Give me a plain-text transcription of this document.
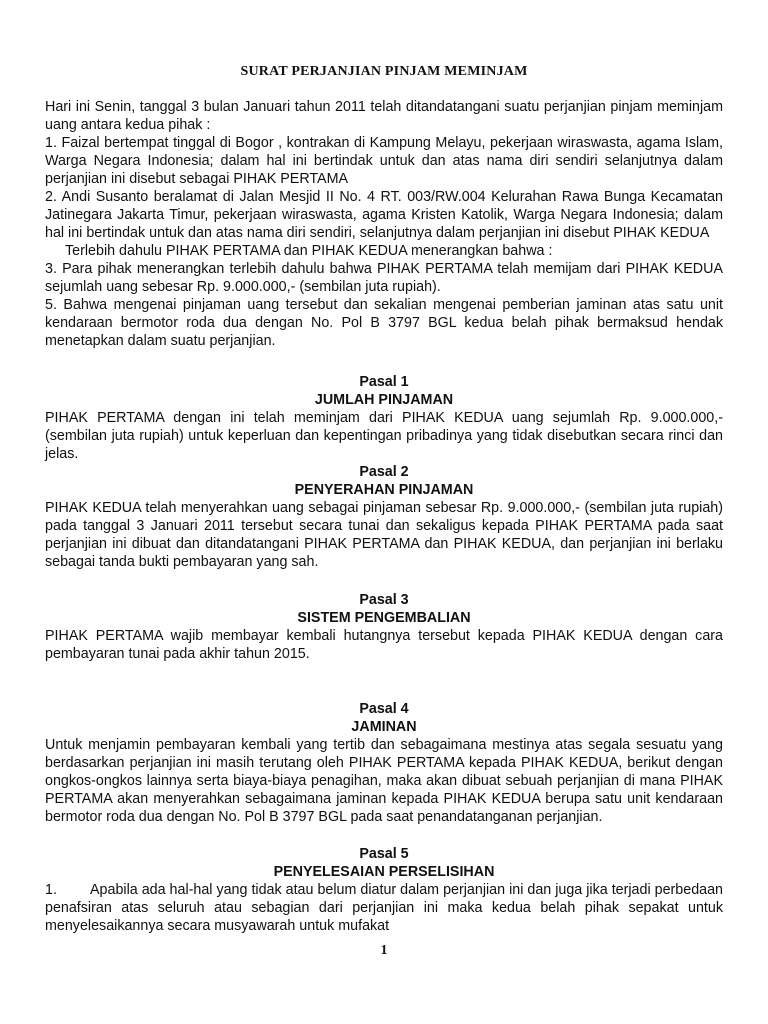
SURAT PERJANJIAN PINJAM MEMINJAM

Hari ini Senin, tanggal 3 bulan Januari tahun 2011 telah ditandatangani suatu perjanjian pinjam meminjam uang antara kedua pihak :

1. Faizal bertempat tinggal di Bogor , kontrakan di Kampung Melayu, pekerjaan wiraswasta, agama Islam, Warga Negara Indonesia; dalam hal ini bertindak untuk dan atas nama diri sendiri selanjutnya dalam perjanjian ini disebut sebagai PIHAK PERTAMA

2. Andi Susanto beralamat di Jalan Mesjid II No. 4 RT. 003/RW.004 Kelurahan Rawa Bunga Kecamatan Jatinegara Jakarta Timur, pekerjaan wiraswasta, agama Kristen Katolik, Warga Negara Indonesia; dalam hal ini bertindak untuk dan atas nama diri sendiri, selanjutnya dalam perjanjian ini disebut PIHAK KEDUA

Terlebih dahulu PIHAK PERTAMA dan PIHAK KEDUA menerangkan bahwa :

3. Para pihak menerangkan terlebih dahulu bahwa PIHAK PERTAMA telah memijam dari PIHAK KEDUA sejumlah uang sebesar Rp. 9.000.000,- (sembilan juta rupiah).

5. Bahwa mengenai pinjaman uang tersebut dan sekalian mengenai pemberian jaminan atas satu unit kendaraan bermotor roda dua dengan No. Pol B 3797 BGL kedua belah pihak bermaksud hendak menetapkan dalam suatu perjanjian.

Pasal 1
JUMLAH PINJAMAN
PIHAK PERTAMA dengan ini telah meminjam dari PIHAK KEDUA uang sejumlah Rp. 9.000.000,- (sembilan juta rupiah) untuk keperluan dan kepentingan pribadinya yang tidak disebutkan secara rinci dan jelas.
Pasal 2
PENYERAHAN PINJAMAN
PIHAK KEDUA telah menyerahkan uang sebagai pinjaman sebesar Rp. 9.000.000,- (sembilan juta rupiah) pada tanggal 3 Januari 2011 tersebut secara tunai dan sekaligus kepada PIHAK PERTAMA pada saat perjanjian ini dibuat dan ditandatangani PIHAK PERTAMA dan PIHAK KEDUA, dan perjanjian ini berlaku sebagai tanda bukti pembayaran yang sah.
Pasal 3
SISTEM PENGEMBALIAN
PIHAK PERTAMA wajib membayar kembali hutangnya tersebut kepada PIHAK KEDUA dengan cara pembayaran tunai pada akhir tahun 2015.
Pasal 4
JAMINAN
Untuk menjamin pembayaran kembali yang tertib dan sebagaimana mestinya atas segala sesuatu yang berdasarkan perjanjian ini masih terutang oleh PIHAK PERTAMA kepada PIHAK KEDUA, berikut dengan ongkos-ongkos lainnya serta biaya-biaya penagihan, maka akan dibuat sebuah perjanjian di mana PIHAK PERTAMA akan menyerahkan sebagaimana jaminan kepada PIHAK KEDUA berupa satu unit kendaraan bermotor roda dua dengan No. Pol B 3797 BGL pada saat penandatanganan perjanjian.
Pasal 5
PENYELESAIAN PERSELISIHAN

1. Apabila ada hal-hal yang tidak atau belum diatur dalam perjanjian ini dan juga jika terjadi perbedaan penafsiran atas seluruh atau sebagian dari perjanjian ini maka kedua belah pihak sepakat untuk menyelesaikannya secara musyawarah untuk mufakat

1
